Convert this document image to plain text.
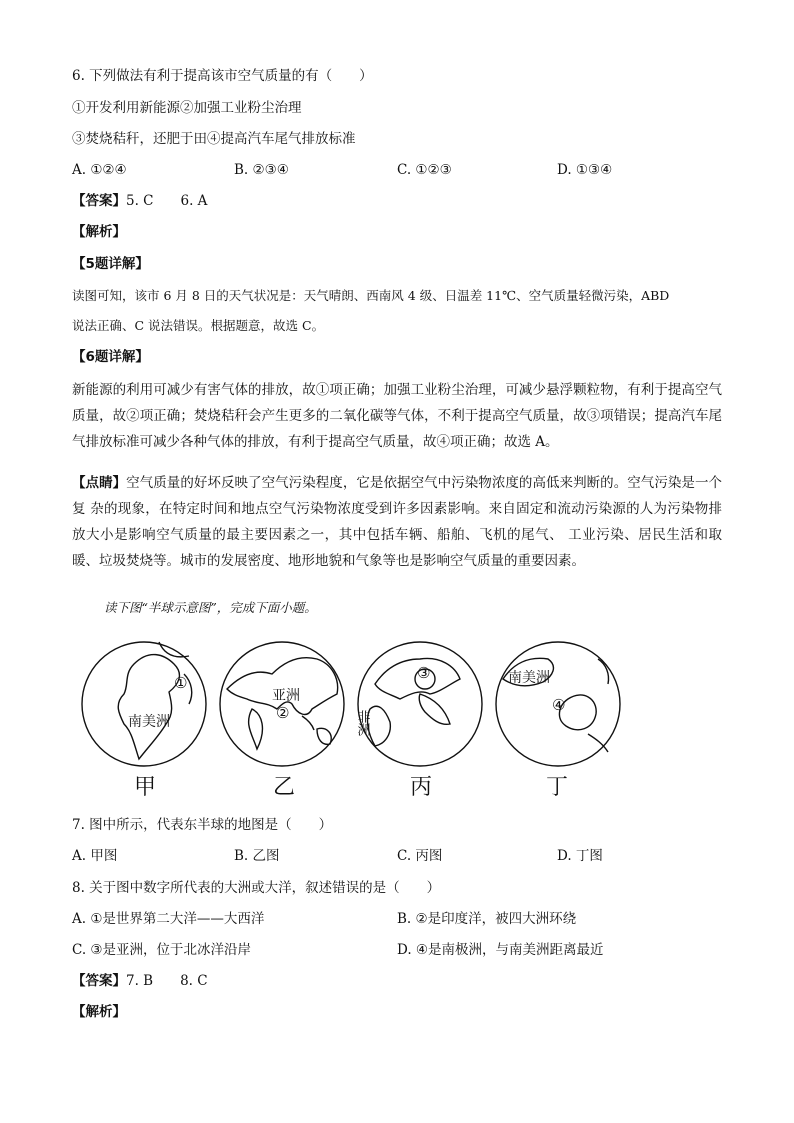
6. 下列做法有利于提高该市空气质量的有（　　）
①开发利用新能源②加强工业粉尘治理
③焚烧秸秆，还肥于田④提高汽车尾气排放标准
A. ①②④	B. ②③④	C. ①②③	D. ①③④
【答案】5. C　　6. A
【解析】
【5题详解】
读图可知，该市 6 月 8 日的天气状况是：天气晴朗、西南风 4 级、日温差 11℃、空气质量轻微污染，ABD
说法正确、C 说法错误。根据题意，故选 C。
【6题详解】

新能源的利用可减少有害气体的排放，故①项正确；加强工业粉尘治理，可减少悬浮颗粒物，有利于提高空气质量，故②项正确；焚烧秸秆会产生更多的二氧化碳等气体，不利于提高空气质量，故③项错误；提高汽车尾气排放标准可减少各种气体的排放，有利于提高空气质量，故④项正确；故选 A。

【点睛】空气质量的好坏反映了空气污染程度，它是依据空气中污染物浓度的高低来判断的。空气污染是一个复 杂的现象，在特定时间和地点空气污染物浓度受到许多因素影响。来自固定和流动污染源的人为污染物排放大小是影响空气质量的最主要因素之一，其中包括车辆、船舶、飞机的尾气、 工业污染、居民生活和取暖、垃圾焚烧等。城市的发展密度、地形地貌和气象等也是影响空气质量的重要因素。

读下图“半球示意图”，完成下面小题。
①
南美洲
亚洲
②
③
非洲
南美洲
④
甲	乙	丙	丁
7. 图中所示，代表东半球的地图是（　　）
A. 甲图	B. 乙图	C. 丙图	D. 丁图
8. 关于图中数字所代表的大洲或大洋，叙述错误的是（　　）
A. ①是世界第二大洋——大西洋	B. ②是印度洋，被四大洲环绕
C. ③是亚洲，位于北冰洋沿岸	D. ④是南极洲，与南美洲距离最近
【答案】7. B　　8. C
【解析】
